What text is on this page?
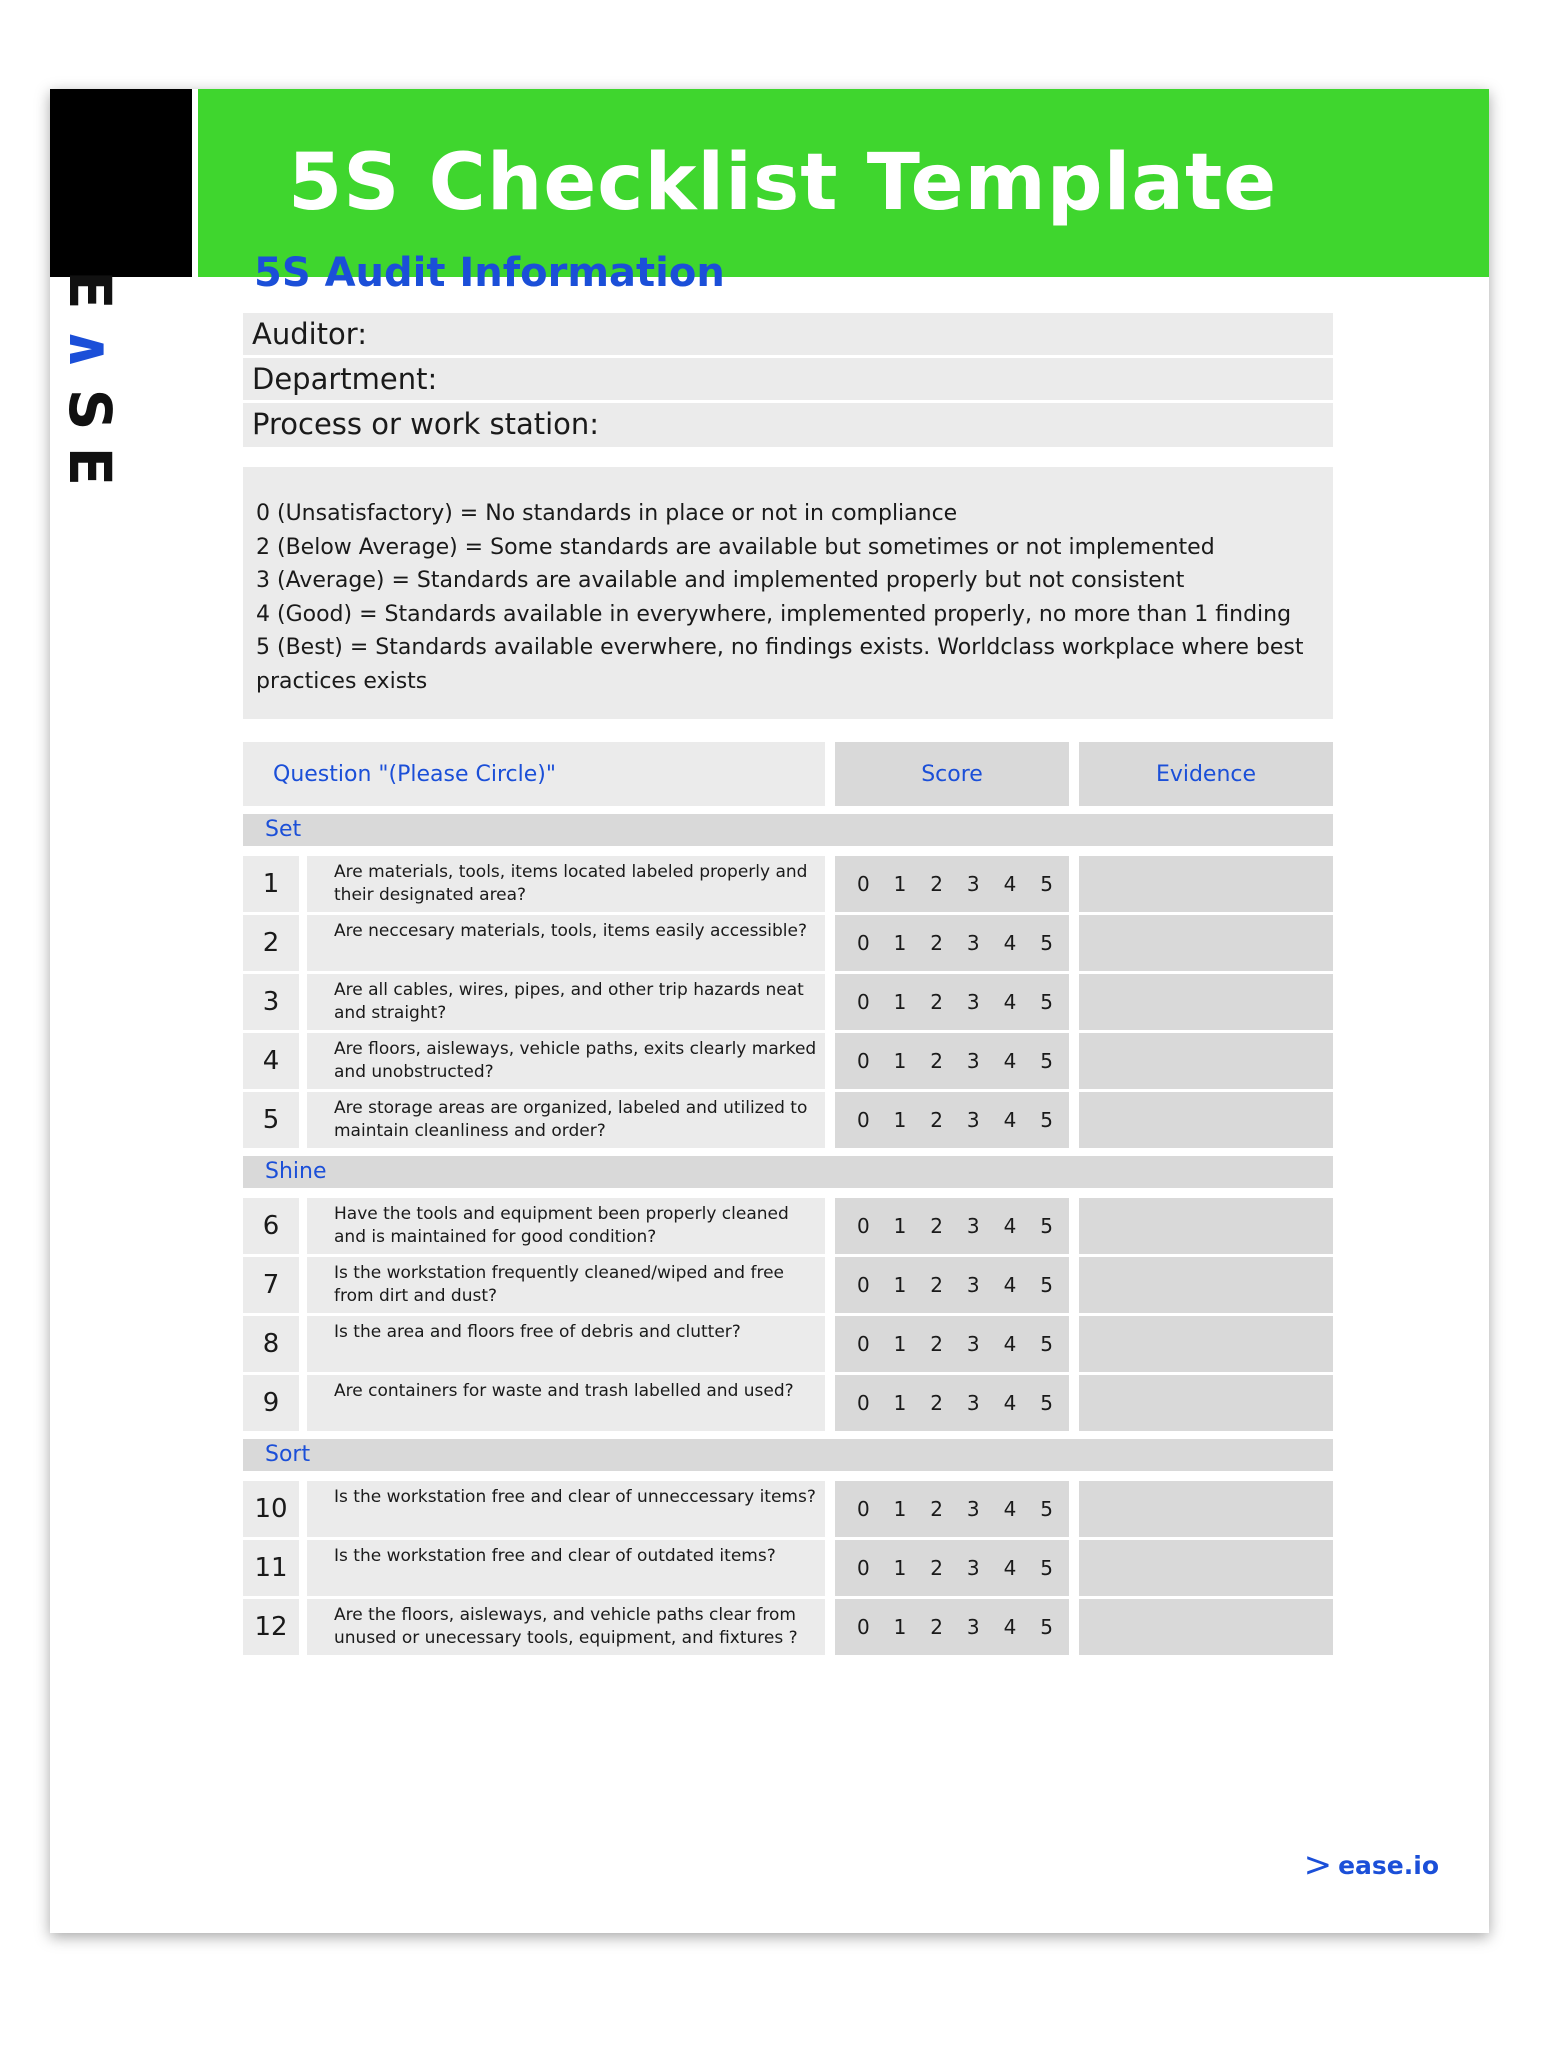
5S Checklist Template
E∧SE
5S Audit Information
Auditor:
Department:
Process or work station:
0 (Unsatisfactory) = No standards in place or not in compliance
2 (Below Average) = Some standards are available but sometimes or not implemented
3 (Average) = Standards are available and implemented properly but not consistent
4 (Good) = Standards available in everywhere, implemented properly, no more than 1 finding
5 (Best) = Standards available everwhere, no findings exists. Worldclass workplace where best
practices exists
Question "(Please Circle)"	Score	Evidence
Set
1	Are materials, tools, items located labeled properly and their designated area?	0 1 2 3 4 5
2	Are neccesary materials, tools, items easily accessible?	0 1 2 3 4 5
3	Are all cables, wires, pipes, and other trip hazards neat and straight?	0 1 2 3 4 5
4	Are floors, aisleways, vehicle paths, exits clearly marked and unobstructed?	0 1 2 3 4 5
5	Are storage areas are organized, labeled and utilized to maintain cleanliness and order?	0 1 2 3 4 5
Shine
6	Have the tools and equipment been properly cleaned and is maintained for good condition?	0 1 2 3 4 5
7	Is the workstation frequently cleaned/wiped and free from dirt and dust?	0 1 2 3 4 5
8	Is the area and floors free of debris and clutter?	0 1 2 3 4 5
9	Are containers for waste and trash labelled and used?	0 1 2 3 4 5
Sort
10	Is the workstation free and clear of unneccessary items?	0 1 2 3 4 5
11	Is the workstation free and clear of outdated items?	0 1 2 3 4 5
12	Are the floors, aisleways, and vehicle paths clear from unused or unecessary tools, equipment, and fixtures ?	0 1 2 3 4 5
> ease.io
